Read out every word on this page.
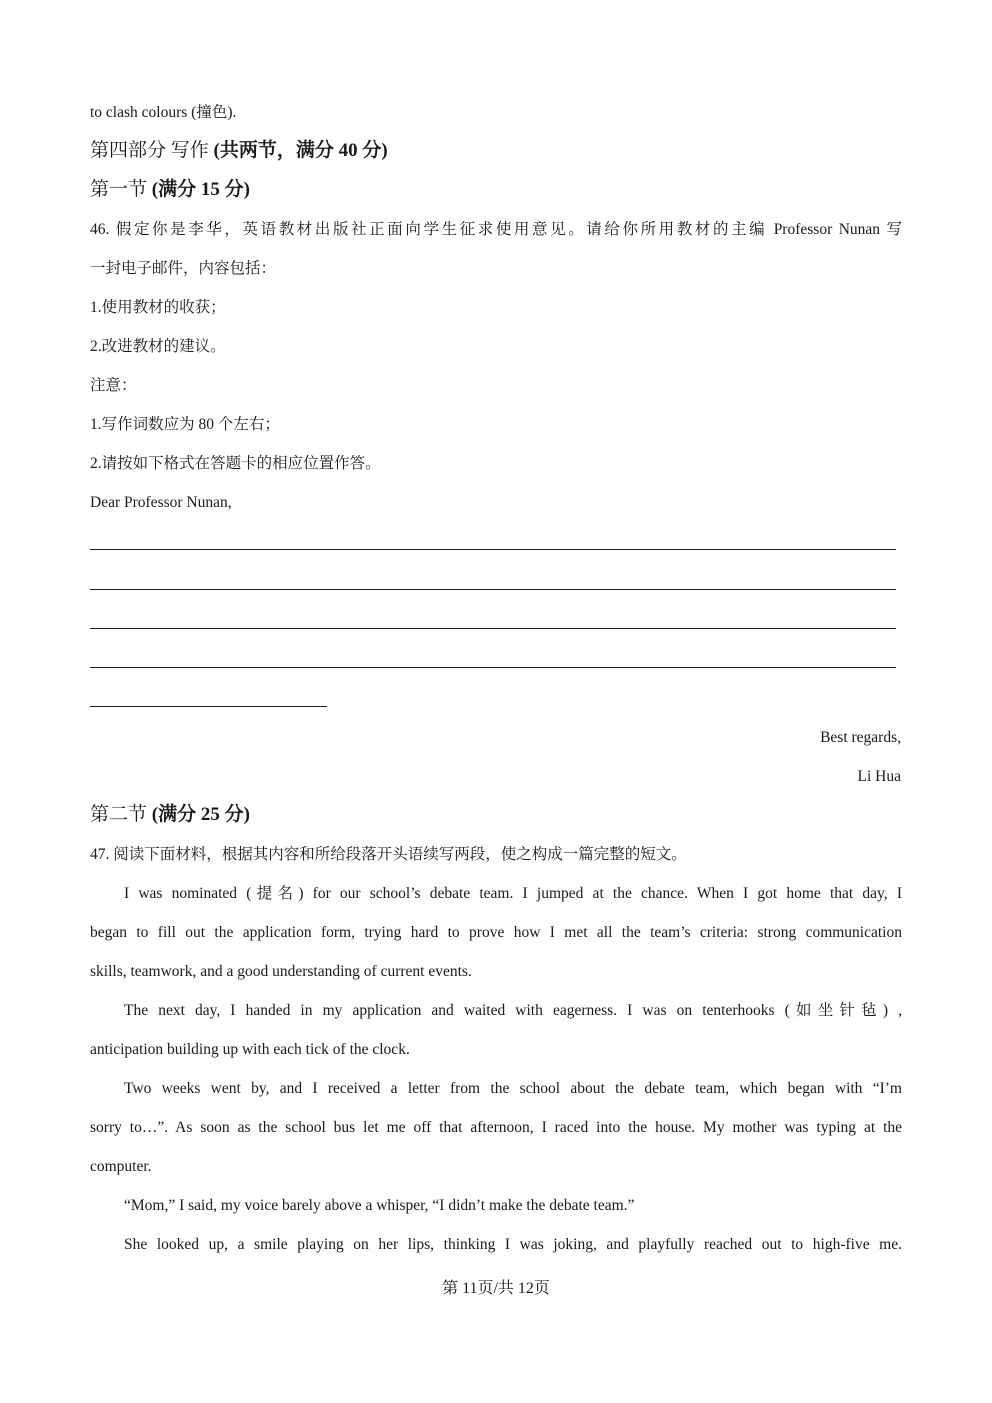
to clash colours (撞色).
第四部分 写作 (共两节，满分 40 分)
第一节 (满分 15 分)
46. 假定你是李华，英语教材出版社正面向学生征求使用意见。请给你所用教材的主编 Professor Nunan 写
一封电子邮件，内容包括：
1.使用教材的收获；
2.改进教材的建议。
注意：
1.写作词数应为 80 个左右；
2.请按如下格式在答题卡的相应位置作答。
Dear Professor Nunan,
Best regards,
Li Hua
第二节 (满分 25 分)
47. 阅读下面材料，根据其内容和所给段落开头语续写两段，使之构成一篇完整的短文。
I was nominated (提名) for our school’s debate team. I jumped at the chance. When I got home that day, I
began to fill out the application form, trying hard to prove how I met all the team’s criteria: strong communication
skills, teamwork, and a good understanding of current events.
The next day, I handed in my application and waited with eagerness. I was on tenterhooks (如坐针毡) ,
anticipation building up with each tick of the clock.
Two weeks went by, and I received a letter from the school about the debate team, which began with “I’m
sorry to…”. As soon as the school bus let me off that afternoon, I raced into the house. My mother was typing at the
computer.
“Mom,” I said, my voice barely above a whisper, “I didn’t make the debate team.”
She looked up, a smile playing on her lips, thinking I was joking, and playfully reached out to high-five me.
第 11页/共 12页
